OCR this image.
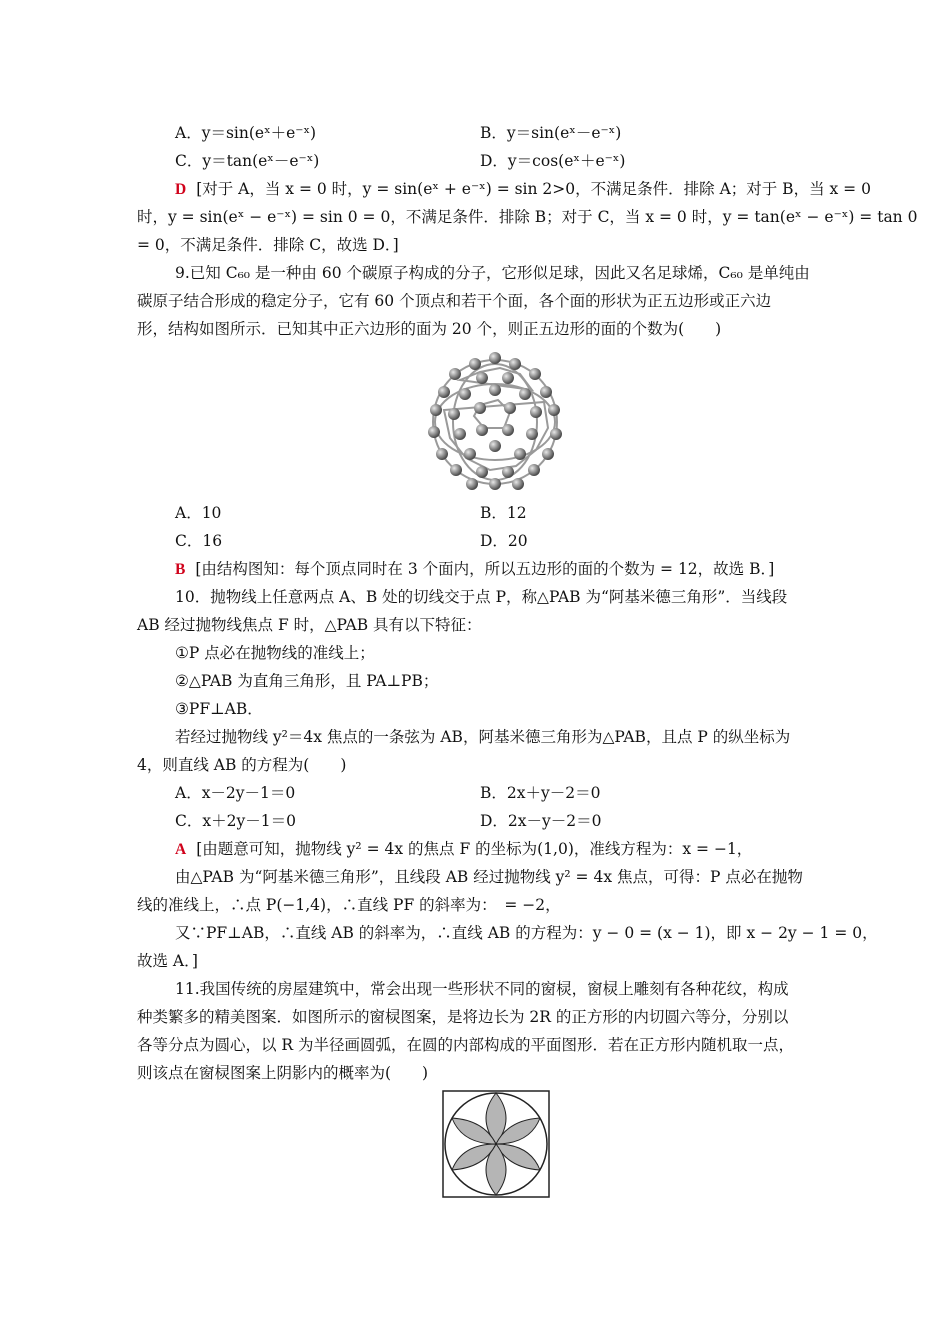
A．y＝sin(eˣ＋e⁻ˣ)	B．y＝sin(eˣ－e⁻ˣ)
C．y＝tan(eˣ－e⁻ˣ)	D．y＝cos(eˣ＋e⁻ˣ)
D [对于 A，当 x = 0 时，y = sin(eˣ + e⁻ˣ) = sin 2>0，不满足条件．排除 A；对于 B，当 x = 0
时，y = sin(eˣ − e⁻ˣ) = sin 0 = 0，不满足条件．排除 B；对于 C，当 x = 0 时，y = tan(eˣ − e⁻ˣ) = tan 0
= 0，不满足条件．排除 C，故选 D．]
9.已知 C₆₀ 是一种由 60 个碳原子构成的分子，它形似足球，因此又名足球烯，C₆₀ 是单纯由
碳原子结合形成的稳定分子，它有 60 个顶点和若干个面，各个面的形状为正五边形或正六边
形，结构如图所示．已知其中正六边形的面为 20 个，则正五边形的面的个数为(　　)
A．10	B．12
C．16	D．20
B [由结构图知：每个顶点同时在 3 个面内，所以五边形的面的个数为 = 12，故选 B．]
10．抛物线上任意两点 A、B 处的切线交于点 P，称△PAB 为“阿基米德三角形”．当线段
AB 经过抛物线焦点 F 时，△PAB 具有以下特征：
①P 点必在抛物线的准线上；
②△PAB 为直角三角形，且 PA⊥PB；
③PF⊥AB．
若经过抛物线 y²＝4x 焦点的一条弦为 AB，阿基米德三角形为△PAB，且点 P 的纵坐标为
4，则直线 AB 的方程为(　　)
A．x－2y－1＝0	B．2x＋y－2＝0
C．x＋2y－1＝0	D．2x－y－2＝0
A [由题意可知，抛物线 y² = 4x 的焦点 F 的坐标为(1,0)，准线方程为：x = −1，
由△PAB 为“阿基米德三角形”，且线段 AB 经过抛物线 y² = 4x 焦点，可得：P 点必在抛物
线的准线上，∴点 P(−1,4)，∴直线 PF 的斜率为：　= −2，
又∵PF⊥AB，∴直线 AB 的斜率为，∴直线 AB 的方程为：y − 0 = (x − 1)，即 x − 2y − 1 = 0，
故选 A．]
11.我国传统的房屋建筑中，常会出现一些形状不同的窗棂，窗棂上雕刻有各种花纹，构成
种类繁多的精美图案．如图所示的窗棂图案，是将边长为 2R 的正方形的内切圆六等分，分别以
各等分点为圆心，以 R 为半径画圆弧，在圆的内部构成的平面图形．若在正方形内随机取一点，
则该点在窗棂图案上阴影内的概率为(　　)
